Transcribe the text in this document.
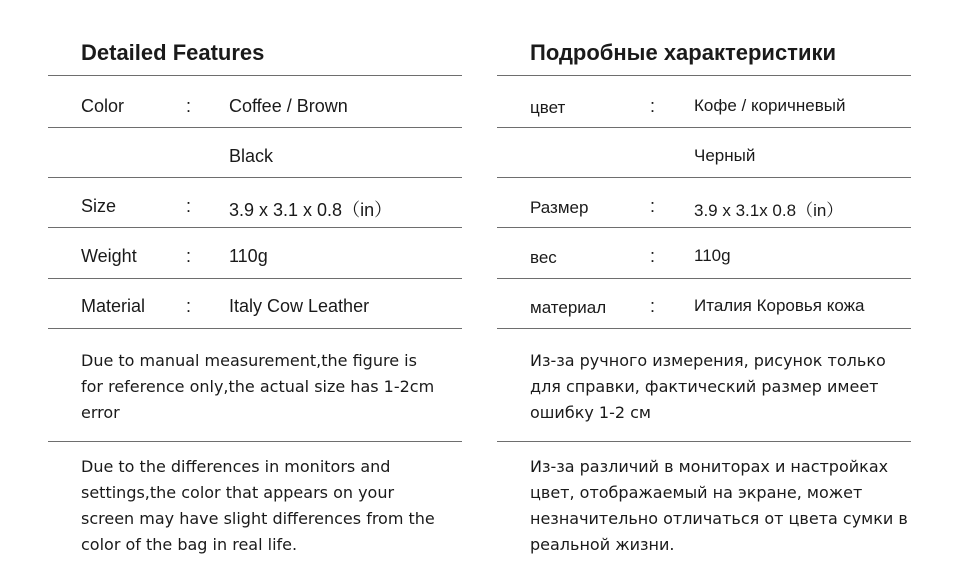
Detailed Features
Color	: Coffee / Brown
Black
Size	: 3.9 x 3.1 x 0.8（in）
Weight	: 110g
Material : Italy Cow Leather
Due to manual measurement,the figure is for reference only,the actual size has 1-2cm error
Due to the differences in monitors and settings,the color that appears on your screen may have slight differences from the color of the bag in real life.
Подробные характеристики
цвет	: Кофе / коричневый
Черный
Размер	: 3.9 x 3.1x 0.8（in）
вес	: 110g
материал : Италия Коровья кожа
Из-за ручного измерения, рисунок только для справки, фактический размер имеет ошибку 1-2 см
Из-за различий в мониторах и настройках цвет, отображаемый на экране, может незначительно отличаться от цвета сумки в реальной жизни.
